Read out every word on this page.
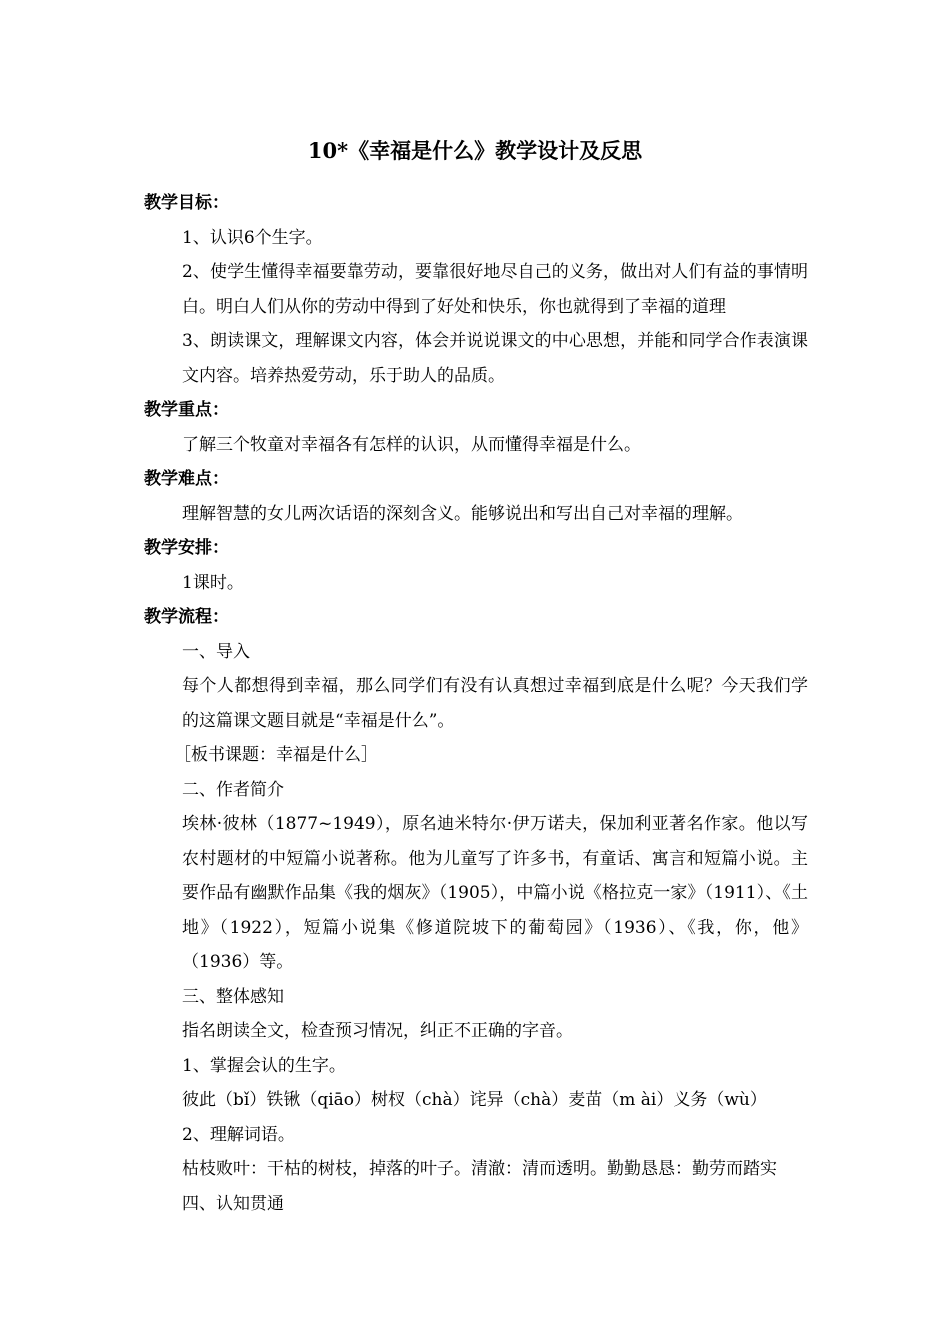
10*《幸福是什么》教学设计及反思

教学目标：

1、认识6个生字。

2、使学生懂得幸福要靠劳动，要靠很好地尽自己的义务，做出对人们有益的事情明白。明白人们从你的劳动中得到了好处和快乐，你也就得到了幸福的道理

3、朗读课文，理解课文内容，体会并说说课文的中心思想，并能和同学合作表演课文内容。培养热爱劳动，乐于助人的品质。

教学重点：

了解三个牧童对幸福各有怎样的认识，从而懂得幸福是什么。

教学难点：

理解智慧的女儿两次话语的深刻含义。能够说出和写出自己对幸福的理解。

教学安排：

1课时。

教学流程：

一、导入

每个人都想得到幸福，那么同学们有没有认真想过幸福到底是什么呢？今天我们学的这篇课文题目就是“幸福是什么”。

［板书课题：幸福是什么］

二、作者简介

埃林·彼林（1877~1949），原名迪米特尔·伊万诺夫，保加利亚著名作家。他以写农村题材的中短篇小说著称。他为儿童写了许多书，有童话、寓言和短篇小说。主要作品有幽默作品集《我的烟灰》（1905），中篇小说《格拉克一家》（1911）、《土地》（1922），短篇小说集《修道院坡下的葡萄园》（1936）、《我，你，他》（1936）等。

三、整体感知

指名朗读全文，检查预习情况，纠正不正确的字音。

1、掌握会认的生字。

彼此（bǐ）铁锹（qiāo）树杈（chà）诧异（chà）麦苗（m ài）义务（wù）

2、理解词语。

枯枝败叶：干枯的树枝，掉落的叶子。清澈：清而透明。勤勤恳恳：勤劳而踏实

四、认知贯通
